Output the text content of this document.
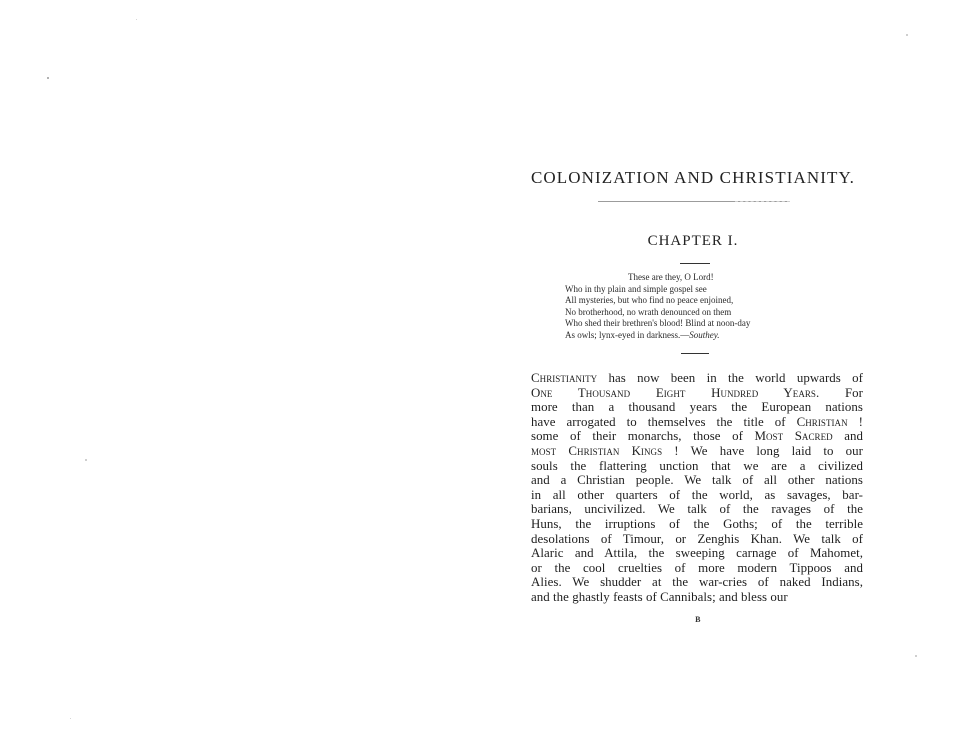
COLONIZATION AND CHRISTIANITY.
CHAPTER I.
These are they, O Lord!
Who in thy plain and simple gospel see
All mysteries, but who find no peace enjoined,
No brotherhood, no wrath denounced on them
Who shed their brethren's blood! Blind at noon-day
As owls; lynx-eyed in darkness.—Southey.
Christianity has now been in the world upwards of
One Thousand Eight Hundred Years. For
more than a thousand years the European nations
have arrogated to themselves the title of Christian !
some of their monarchs, those of Most Sacred and
most Christian Kings ! We have long laid to our
souls the flattering unction that we are a civilized
and a Christian people. We talk of all other nations
in all other quarters of the world, as savages, bar-
barians, uncivilized. We talk of the ravages of the
Huns, the irruptions of the Goths; of the terrible
desolations of Timour, or Zenghis Khan. We talk of
Alaric and Attila, the sweeping carnage of Mahomet,
or the cool cruelties of more modern Tippoos and
Alies. We shudder at the war-cries of naked Indians,
and the ghastly feasts of Cannibals; and bless our
B
